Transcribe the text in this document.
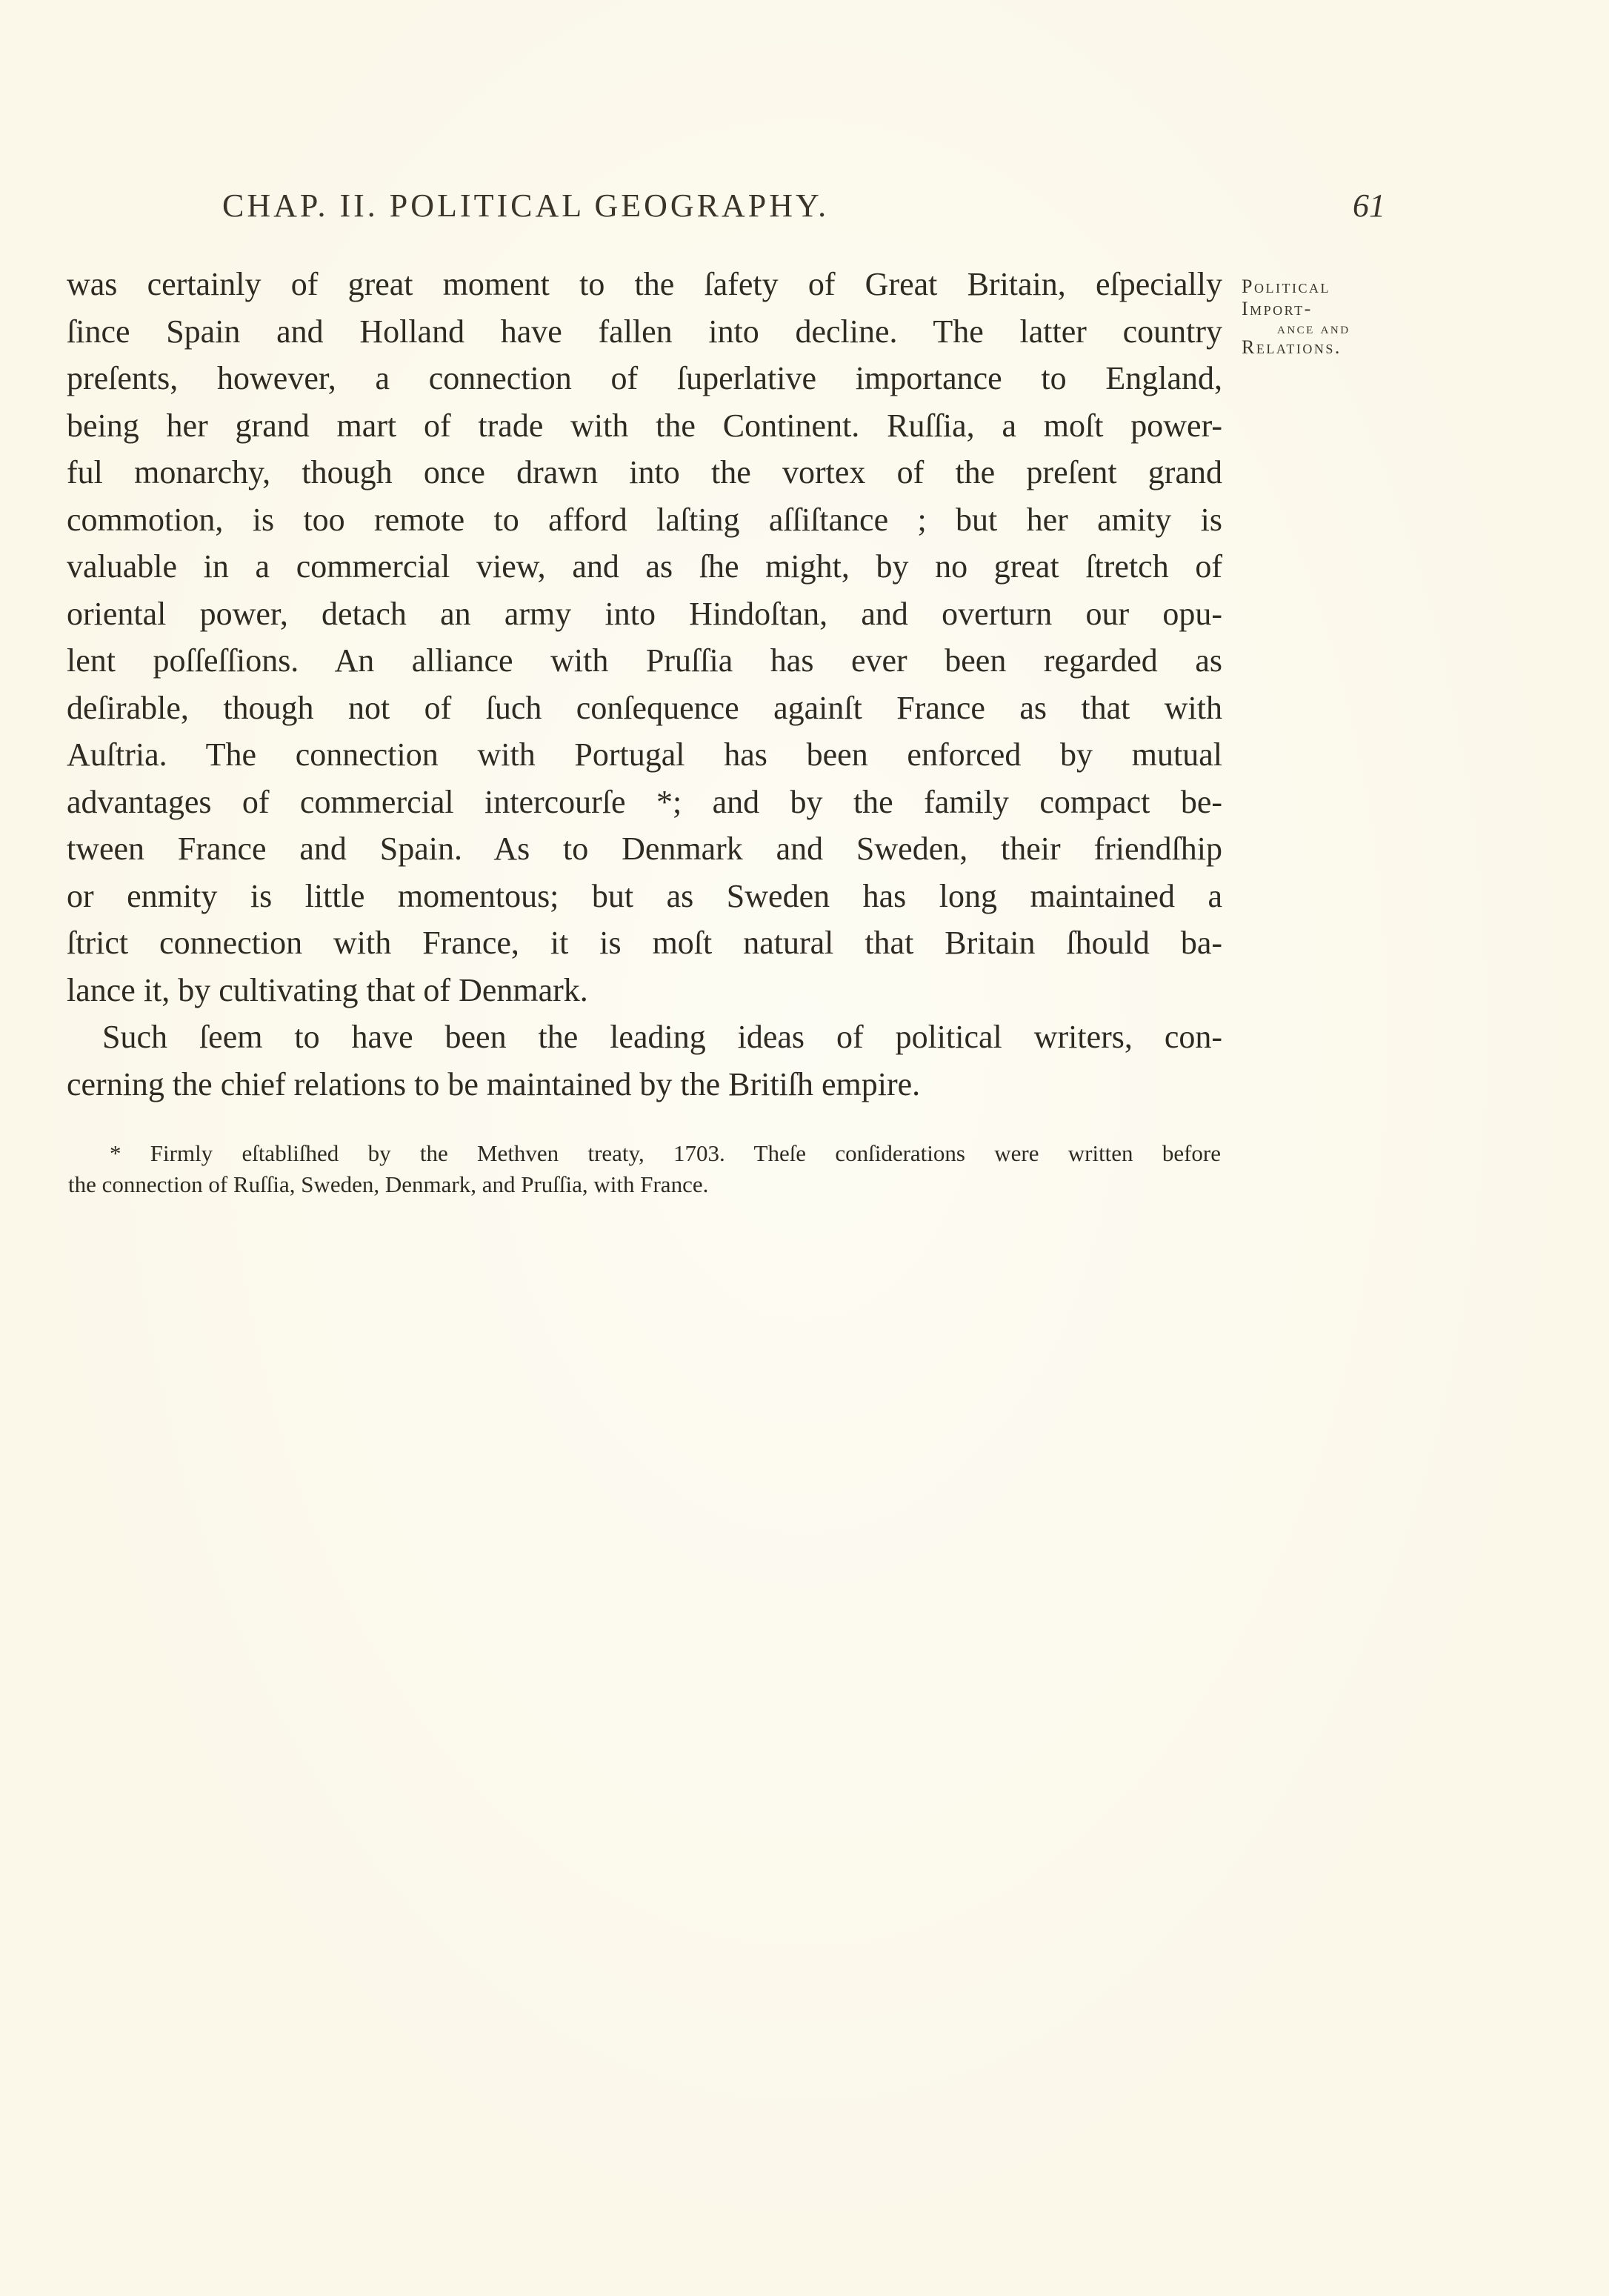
CHAP. II. POLITICAL GEOGRAPHY.	61
Political
Import-
ance and
Relations.
was certainly of great moment to the ſafety of Great Britain, eſpecially
ſince Spain and Holland have fallen into decline. The latter country
preſents, however, a connection of ſuperlative importance to England,
being her grand mart of trade with the Continent. Ruſſia, a moſt power-
ful monarchy, though once drawn into the vortex of the preſent grand
commotion, is too remote to afford laſting aſſiſtance ; but her amity is
valuable in a commercial view, and as ſhe might, by no great ſtretch of
oriental power, detach an army into Hindoſtan, and overturn our opu-
lent poſſeſſions. An alliance with Pruſſia has ever been regarded as
deſirable, though not of ſuch conſequence againſt France as that with
Auſtria. The connection with Portugal has been enforced by mutual
advantages of commercial intercourſe *; and by the family compact be-
tween France and Spain. As to Denmark and Sweden, their friendſhip
or enmity is little momentous; but as Sweden has long maintained a
ſtrict connection with France, it is moſt natural that Britain ſhould ba-
lance it, by cultivating that of Denmark.
Such ſeem to have been the leading ideas of political writers, con-
cerning the chief relations to be maintained by the Britiſh empire.
* Firmly eſtabliſhed by the Methven treaty, 1703. Theſe conſiderations were written before
the connection of Ruſſia, Sweden, Denmark, and Pruſſia, with France.
